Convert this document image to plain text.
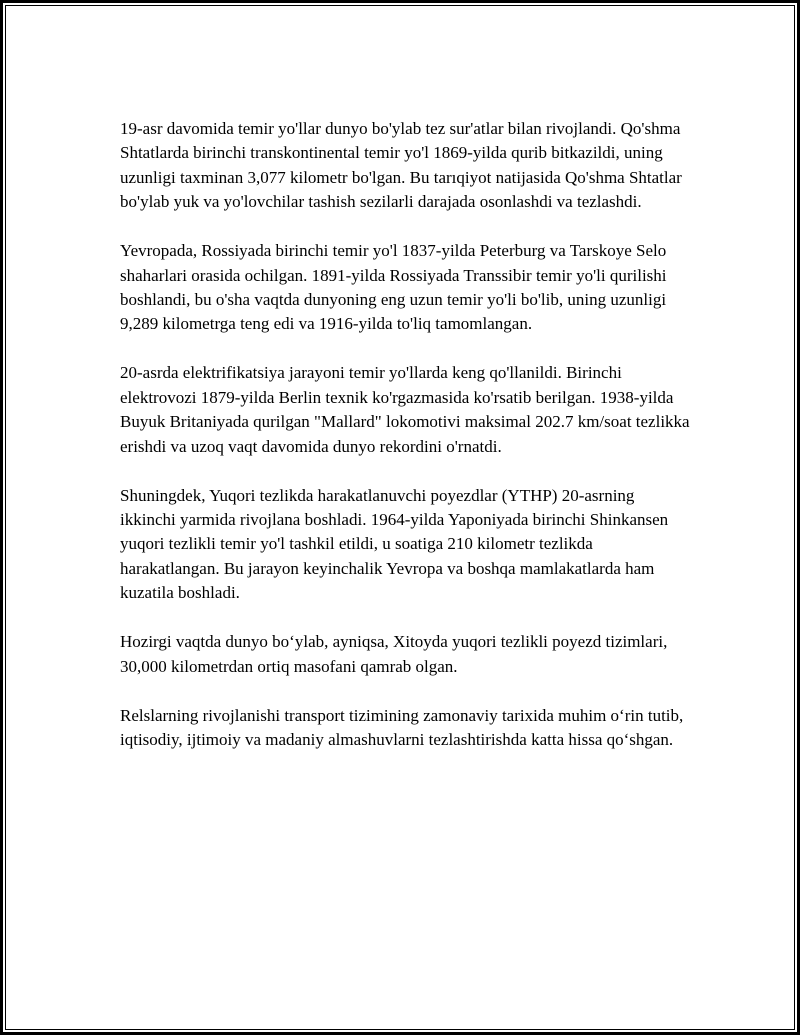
19-asr davomida temir yo'llar dunyo bo'ylab tez sur'atlar bilan rivojlandi. Qo'shma Shtatlarda birinchi transkontinental temir yo'l 1869-yilda qurib bitkazildi, uning uzunligi taxminan 3,077 kilometr bo'lgan. Bu tarıqiyot natijasida Qo'shma Shtatlar bo'ylab yuk va yo'lovchilar tashish sezilarli darajada osonlashdi va tezlashdi.

Yevropada, Rossiyada birinchi temir yo'l 1837-yilda Peterburg va Tarskoye Selo shaharlari orasida ochilgan. 1891-yilda Rossiyada Transsibir temir yo'li qurilishi boshlandi, bu o'sha vaqtda dunyoning eng uzun temir yo'li bo'lib, uning uzunligi 9,289 kilometrga teng edi va 1916-yilda to'liq tamomlangan.

20-asrda elektrifikatsiya jarayoni temir yo'llarda keng qo'llanildi. Birinchi elektrovozi 1879-yilda Berlin texnik ko'rgazmasida ko'rsatib berilgan. 1938-yilda Buyuk Britaniyada qurilgan "Mallard" lokomotivi maksimal 202.7 km/soat tezlikka erishdi va uzoq vaqt davomida dunyo rekordini o'rnatdi.

Shuningdek, Yuqori tezlikda harakatlanuvchi poyezdlar (YTHP) 20-asrning ikkinchi yarmida rivojlana boshladi. 1964-yilda Yaponiyada birinchi Shinkansen yuqori tezlikli temir yo'l tashkil etildi, u soatiga 210 kilometr tezlikda harakatlangan. Bu jarayon keyinchalik Yevropa va boshqa mamlakatlarda ham kuzatila boshladi.

Hozirgi vaqtda dunyo bo‘ylab, ayniqsa, Xitoyda yuqori tezlikli poyezd tizimlari, 30,000 kilometrdan ortiq masofani qamrab olgan.

Relslarning rivojlanishi transport tizimining zamonaviy tarixida muhim o‘rin tutib, iqtisodiy, ijtimoiy va madaniy almashuvlarni tezlashtirishda katta hissa qo‘shgan.
